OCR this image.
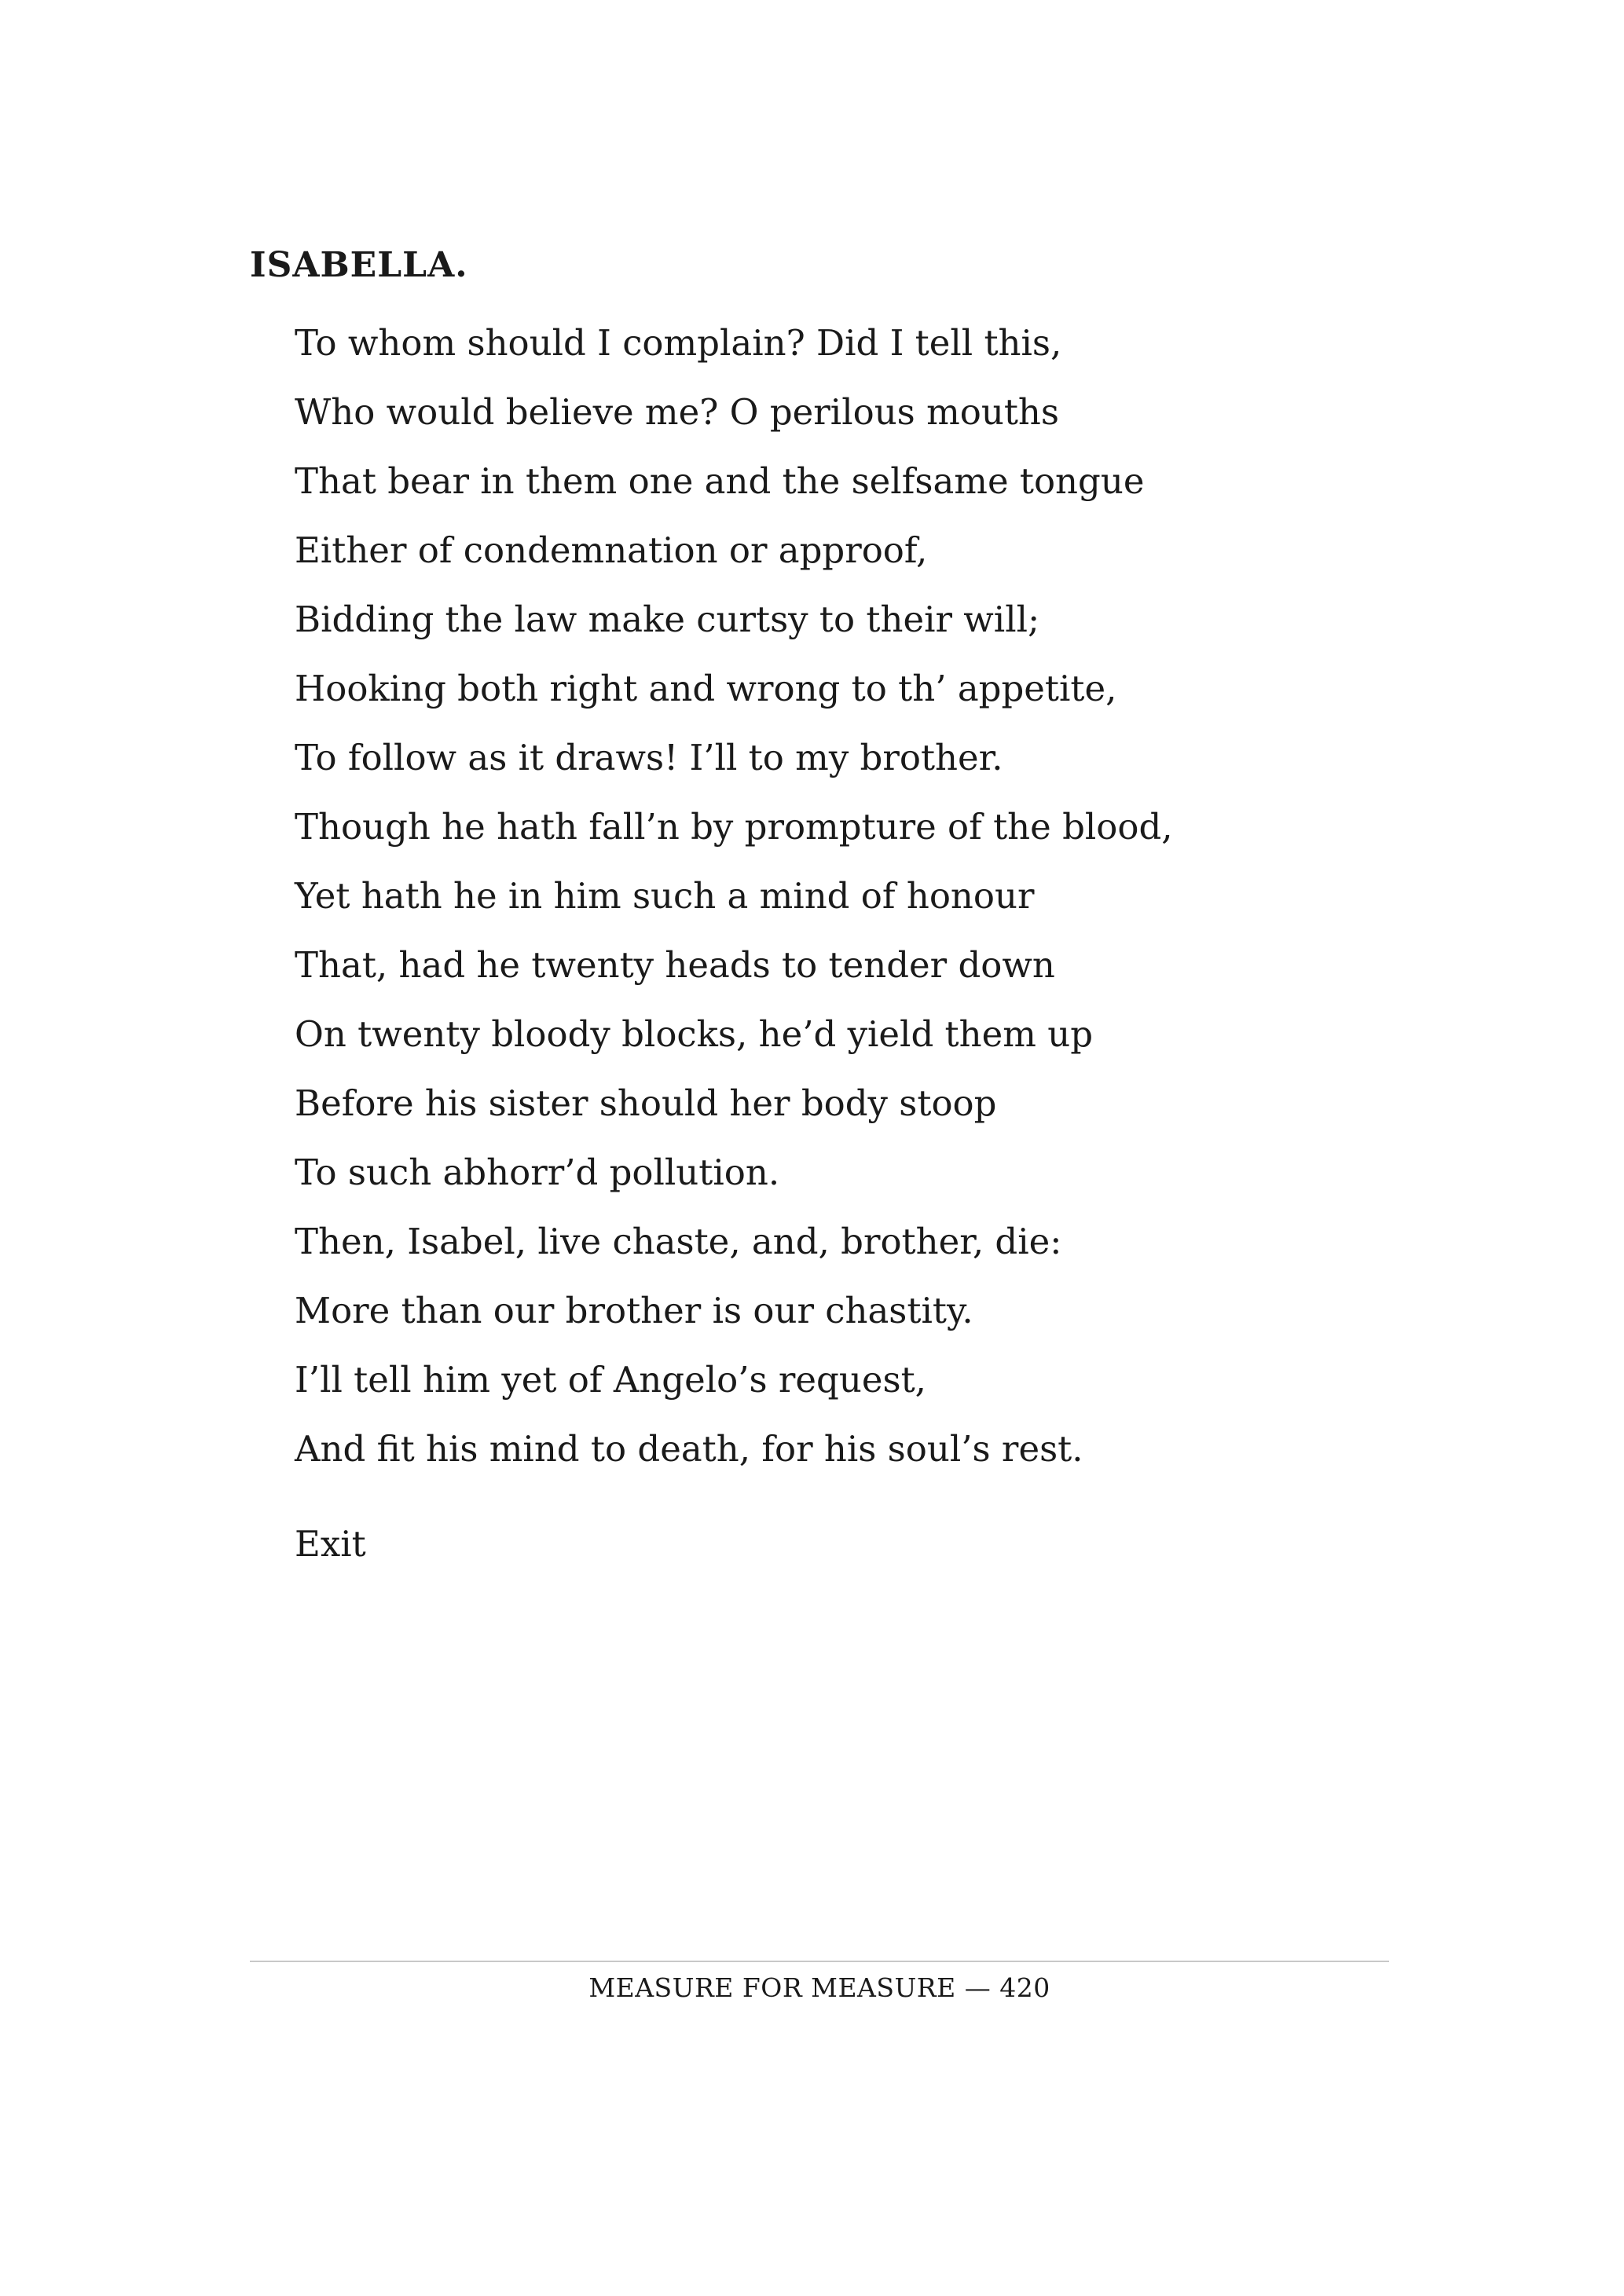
ISABELLA.
To whom should I complain? Did I tell this,
Who would believe me? O perilous mouths
That bear in them one and the selfsame tongue
Either of condemnation or approof,
Bidding the law make curtsy to their will;
Hooking both right and wrong to th’ appetite,
To follow as it draws! I’ll to my brother.
Though he hath fall’n by prompture of the blood,
Yet hath he in him such a mind of honour
That, had he twenty heads to tender down
On twenty bloody blocks, he’d yield them up
Before his sister should her body stoop
To such abhorr’d pollution.
Then, Isabel, live chaste, and, brother, die:
More than our brother is our chastity.
I’ll tell him yet of Angelo’s request,
And fit his mind to death, for his soul’s rest.
Exit
MEASURE FOR MEASURE — 420
